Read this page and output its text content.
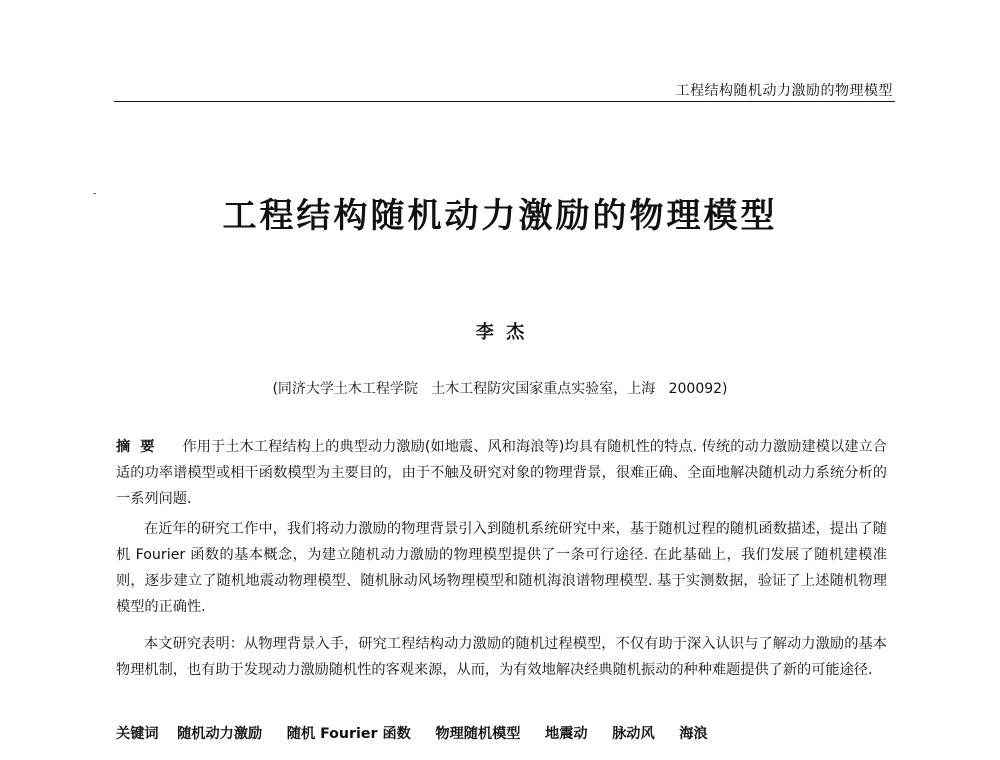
工程结构随机动力激励的物理模型
工程结构随机动力激励的物理模型
李  杰
(同济大学土木工程学院   土木工程防灾国家重点实验室，上海   200092)
摘要 作用于土木工程结构上的典型动力激励(如地震、风和海浪等)均具有随机性的特点. 传统的动力激励建模以建立合适的功率谱模型或相干函数模型为主要目的，由于不触及研究对象的物理背景，很难正确、全面地解决随机动力系统分析的一系列问题.
在近年的研究工作中，我们将动力激励的物理背景引入到随机系统研究中来，基于随机过程的随机函数描述，提出了随机 Fourier 函数的基本概念，为建立随机动力激励的物理模型提供了一条可行途径. 在此基础上，我们发展了随机建模准则，逐步建立了随机地震动物理模型、随机脉动风场物理模型和随机海浪谱物理模型. 基于实测数据，验证了上述随机物理模型的正确性.
本文研究表明：从物理背景入手，研究工程结构动力激励的随机过程模型，不仅有助于深入认识与了解动力激励的基本物理机制，也有助于发现动力激励随机性的客观来源，从而，为有效地解决经典随机振动的种种难题提供了新的可能途径.
关键词 随机动力激励 随机 Fourier 函数 物理随机模型 地震动 脉动风 海浪
